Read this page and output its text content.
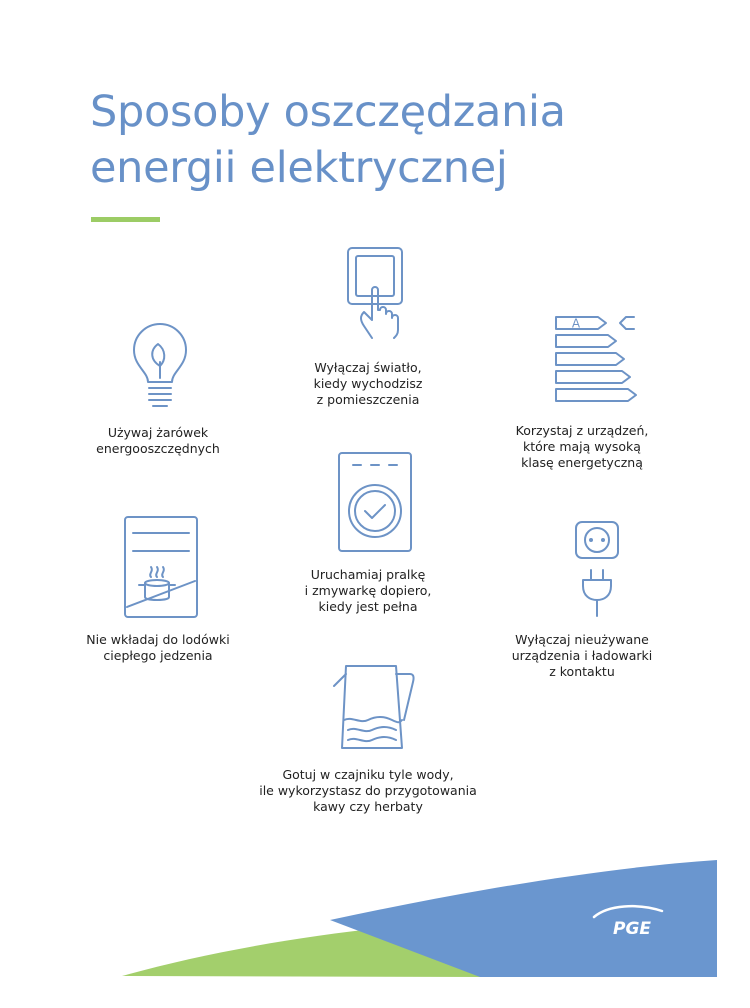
Sposoby oszczędzania
energii elektrycznej
Używaj żarówek
energooszczędnych
Wyłączaj światło,
kiedy wychodzisz
z pomieszczenia
A
Korzystaj z urządzeń,
które mają wysoką
klasę energetyczną
Nie wkładaj do lodówki
ciepłego jedzenia
Uruchamiaj pralkę
i zmywarkę dopiero,
kiedy jest pełna
Wyłączaj nieużywane
urządzenia i ładowarki
z kontaktu
Gotuj w czajniku tyle wody,
ile wykorzystasz do przygotowania
kawy czy herbaty
PGE
